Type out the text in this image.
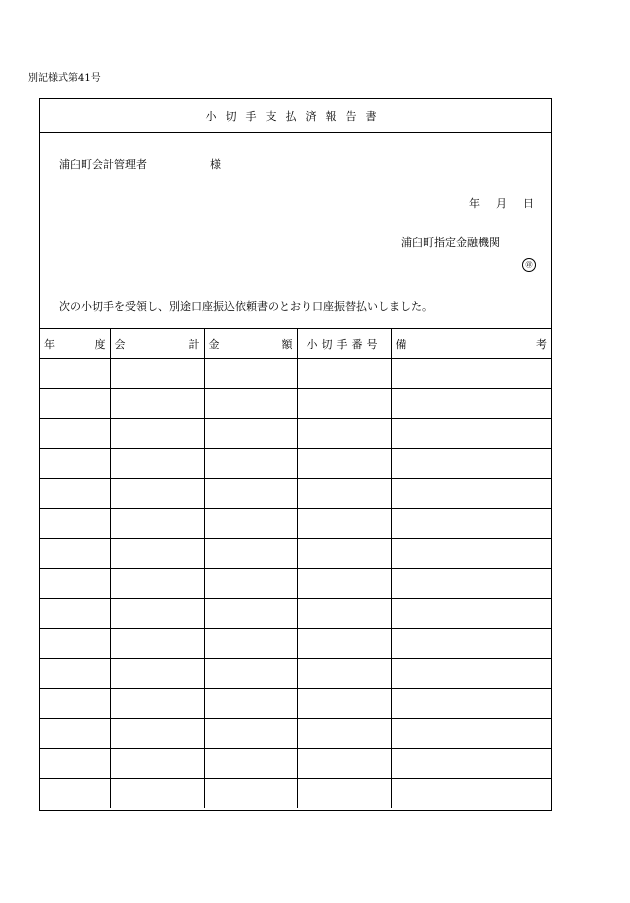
別記様式第41号
小切手支払済報告書
浦臼町会計管理者	様
年 月 日
浦臼町指定金融機関
㊞
次の小切手を受領し、別途口座振込依頼書のとおり口座振替払いしました。
年 度	会 計	金 額	小切手番号	備 考
